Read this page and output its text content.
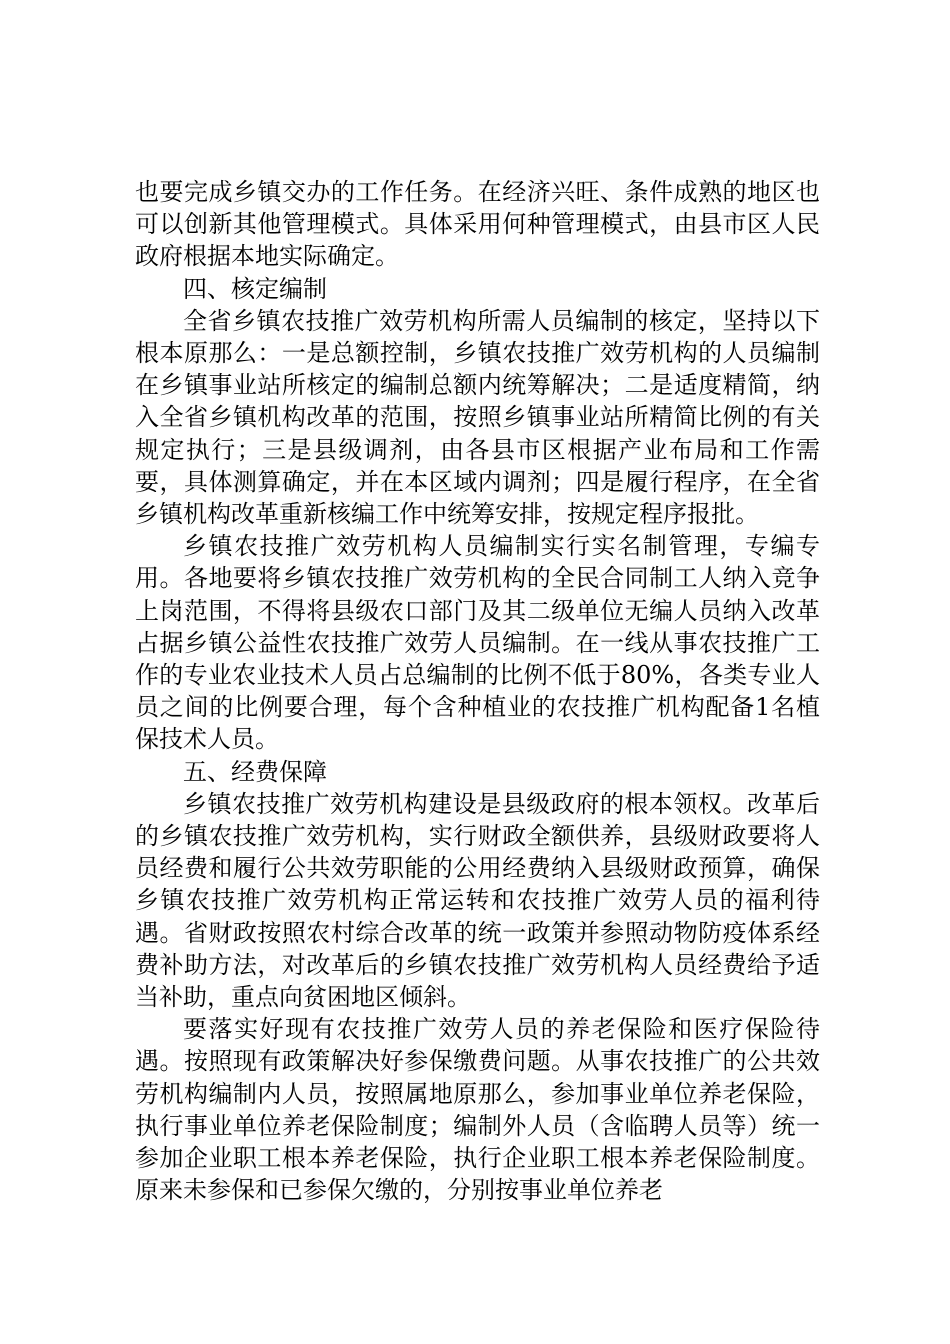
也要完成乡镇交办的工作任务。在经济兴旺、条件成熟的地区也可以创新其他管理模式。具体采用何种管理模式，由县市区人民政府根据本地实际确定。

四、核定编制

全省乡镇农技推广效劳机构所需人员编制的核定，坚持以下根本原那么：一是总额控制，乡镇农技推广效劳机构的人员编制在乡镇事业站所核定的编制总额内统筹解决；二是适度精简，纳入全省乡镇机构改革的范围，按照乡镇事业站所精简比例的有关规定执行；三是县级调剂，由各县市区根据产业布局和工作需要，具体测算确定，并在本区域内调剂；四是履行程序，在全省乡镇机构改革重新核编工作中统筹安排，按规定程序报批。

乡镇农技推广效劳机构人员编制实行实名制管理，专编专用。各地要将乡镇农技推广效劳机构的全民合同制工人纳入竞争上岗范围，不得将县级农口部门及其二级单位无编人员纳入改革占据乡镇公益性农技推广效劳人员编制。在一线从事农技推广工作的专业农业技术人员占总编制的比例不低于80%，各类专业人员之间的比例要合理，每个含种植业的农技推广机构配备1名植保技术人员。

五、经费保障

乡镇农技推广效劳机构建设是县级政府的根本领权。改革后的乡镇农技推广效劳机构，实行财政全额供养，县级财政要将人员经费和履行公共效劳职能的公用经费纳入县级财政预算，确保乡镇农技推广效劳机构正常运转和农技推广效劳人员的福利待遇。省财政按照农村综合改革的统一政策并参照动物防疫体系经费补助方法，对改革后的乡镇农技推广效劳机构人员经费给予适当补助，重点向贫困地区倾斜。

要落实好现有农技推广效劳人员的养老保险和医疗保险待遇。按照现有政策解决好参保缴费问题。从事农技推广的公共效劳机构编制内人员，按照属地原那么，参加事业单位养老保险，执行事业单位养老保险制度；编制外人员（含临聘人员等）统一参加企业职工根本养老保险，执行企业职工根本养老保险制度。原来未参保和已参保欠缴的，分别按事业单位养老
